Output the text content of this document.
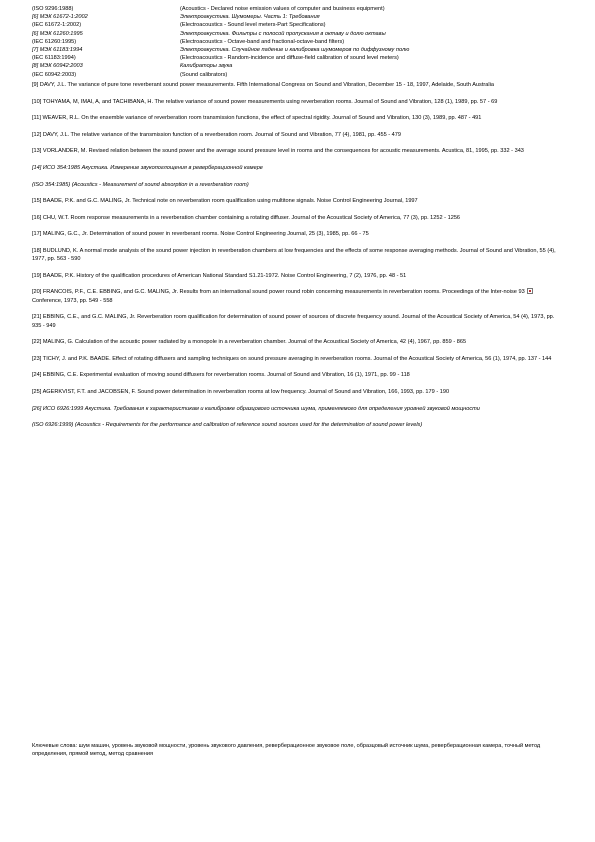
(ISO 9296:1988)	(Acoustics - Declared noise emission values of computer and business equipment)
[6] МЭК 61672-1:2002	Электроакустика. Шумомеры. Часть 1: Требования
(IEC 61672-1:2002)	(Electroacoustics - Sound level meters-Part Specifications)
[6] МЭК 61260:1995	Электроакустика. Фильтры с полосой пропускания в октаву и долю октавы
(IEC 61260:1995)	(Electroacoustics - Octave-band and fractional-octave-band filters)
[7] МЭК 61183:1994	Электроакустика. Случайное падение и калибровка шумомеров по диффузному полю
(IEC 61183:1994)	(Electroacoustics - Random-incidence and diffuse-field calibration of sound level meters)
[8] МЭК 60942:2003	Калибраторы звука
(IEC 60942:2003)	(Sound calibrators)

[9] DAVY, J.L. The variance of pure tone reverberant sound power measurements. Fifth International Congress on Sound and Vibration, December 15 - 18, 1997, Adelaide, South Australia

[10] TOHYAMA, M, IMAI, A, and TACHIBANA, H. The relative variance of sound power measurements using reverberation rooms. Journal of Sound and Vibration, 128 (1), 1989, pp. 57 - 69

[11] WEAVER, R.L. On the ensemble variance of reverberation room transmission functions, the effect of spectral rigidity. Journal of Sound and Vibration, 130 (3), 1989, pp. 487 - 491

[12] DAVY, J.L. The relative variance of the transmission function of a reverberation room. Journal of Sound and Vibration, 77 (4), 1981, pp. 455 - 479

[13] VORLANDER, M. Revised relation between the sound power and the average sound pressure level in rooms and the consequences for acoustic measurements. Acustica, 81, 1995, pp. 332 - 343

[14] ИСО 354:1985 Акустика. Измерение звукопоглощения в реверберационной камере

(ISO 354:1985) (Acoustics - Measurement of sound absorption in a reverberation room)

[15] BAADE, P.K. and G.C. MALING, Jr. Technical note on reverberation room qualification using multitone signals. Noise Control Engineering Journal, 1997

[16] CHU, W.T. Room response measurements in a reverberation chamber containing a rotating diffuser. Journal of the Acoustical Society of America, 77 (3), pp. 1252 - 1256

[17] MALING, G.C., Jr. Determination of sound power in reverberant rooms. Noise Control Engineering Journal, 25 (3), 1985, pp. 66 - 75

[18] BUDLUND, K. A normal mode analysis of the sound power injection in reverberation chambers at low frequencies and the effects of some response averaging methods. Journal of Sound and Vibration, 55 (4), 1977, pp. 563 - 590

[19] BAADE, P.K. History of the qualification procedures of American National Standard S1.21-1972. Noise Control Engineering, 7 (2), 1976, pp. 48 - 51

[20] FRANCOIS, P.F., C.E. EBBING, and G.C. MALING, Jr. Results from an international sound power round robin concerning measurements in reverberation rooms. Proceedings of the Inter-noise 93Conference, 1973, pp. 549 - 558

[21] EBBING, C.E., and G.C. MALING, Jr. Reverberation room qualification for determination of sound power of sources of discrete frequency sound. Journal of the Acoustical Society of America, 54 (4), 1973, pp. 935 - 949

[22] MALING, G. Calculation of the acoustic power radiated by a monopole in a reverberation chamber. Journal of the Acoustical Society of America, 42 (4), 1967, pp. 859 - 865

[23] TICHY, J. and P.K. BAADE. Effect of rotating diffusers and sampling techniques on sound pressure averaging in reverberation rooms. Journal of the Acoustical Society of America, 56 (1), 1974, pp. 137 - 144

[24] EBBING, C.E. Experimental evaluation of moving sound diffusers for reverberation rooms. Journal of Sound and Vibration, 16 (1), 1971, pp. 99 - 118

[25] AGERKVIST, F.T. and JACOBSEN, F. Sound power determination in reverberation rooms at low frequency. Journal of Sound and Vibration, 166, 1993, pp. 179 - 190

[26] ИСО 6926:1999 Акустика. Требования к характеристикам и калибровке образцового источника шума, применяемого для определения уровней звуковой мощности

(ISO 6926:1999) (Acoustics - Requirements for the performance and calibration of reference sound sources used for the determination of sound power levels)

Ключевые слова: шум машин, уровень звуковой мощности, уровень звукового давления, реверберационное звуковое поле, образцовый источник шума, реверберационная камера, точный метод определения, прямой метод, метод сравнения
